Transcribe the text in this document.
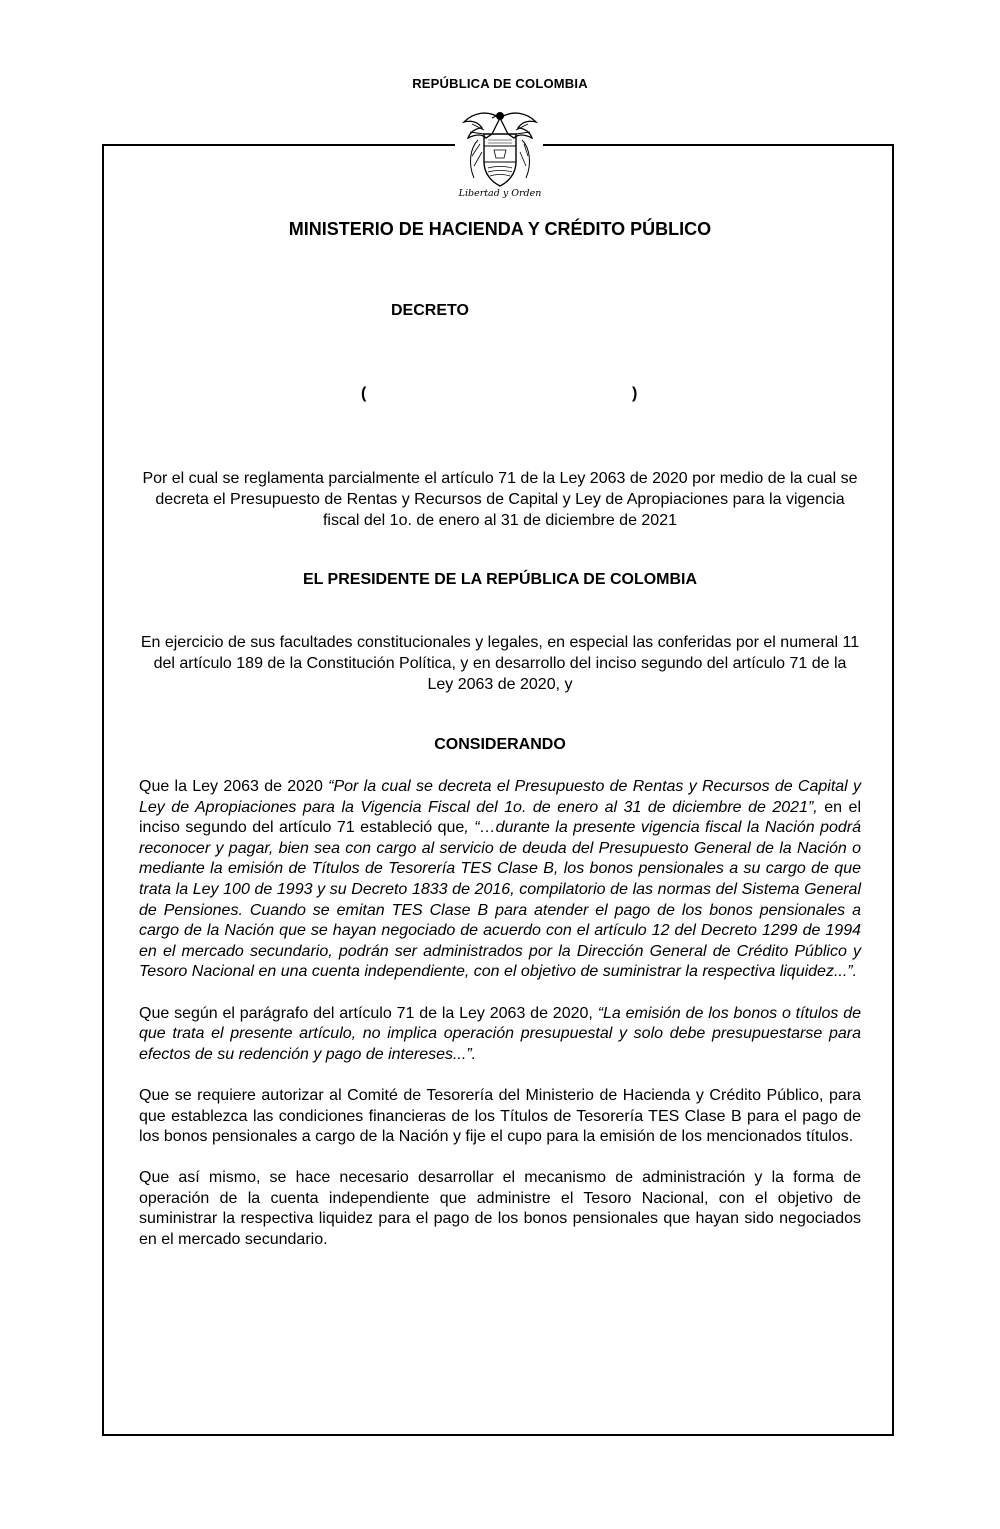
REPÚBLICA DE COLOMBIA
Libertad y Orden
MINISTERIO DE HACIENDA Y CRÉDITO PÚBLICO
DECRETO
(	)
Por el cual se reglamenta parcialmente el artículo 71 de la Ley 2063 de 2020 por medio de la cual se decreta el Presupuesto de Rentas y Recursos de Capital y Ley de Apropiaciones para la vigencia fiscal del 1o. de enero al 31 de diciembre de 2021
EL PRESIDENTE DE LA REPÚBLICA DE COLOMBIA
En ejercicio de sus facultades constitucionales y legales, en especial las conferidas por el numeral 11 del artículo 189 de la Constitución Política, y en desarrollo del inciso segundo del artículo 71 de la Ley 2063 de 2020, y
CONSIDERANDO

Que la Ley 2063 de 2020 “Por la cual se decreta el Presupuesto de Rentas y Recursos de Capital y Ley de Apropiaciones para la Vigencia Fiscal del 1o. de enero al 31 de diciembre de 2021”, en el inciso segundo del artículo 71 estableció que, “…durante la presente vigencia fiscal la Nación podrá reconocer y pagar, bien sea con cargo al servicio de deuda del Presupuesto General de la Nación o mediante la emisión de Títulos de Tesorería TES Clase B, los bonos pensionales a su cargo de que trata la Ley 100 de 1993 y su Decreto 1833 de 2016, compilatorio de las normas del Sistema General de Pensiones. Cuando se emitan TES Clase B para atender el pago de los bonos pensionales a cargo de la Nación que se hayan negociado de acuerdo con el artículo 12 del Decreto 1299 de 1994 en el mercado secundario, podrán ser administrados por la Dirección General de Crédito Público y Tesoro Nacional en una cuenta independiente, con el objetivo de suministrar la respectiva liquidez...”.

Que según el parágrafo del artículo 71 de la Ley 2063 de 2020, “La emisión de los bonos o títulos de que trata el presente artículo, no implica operación presupuestal y solo debe presupuestarse para efectos de su redención y pago de intereses...”.

Que se requiere autorizar al Comité de Tesorería del Ministerio de Hacienda y Crédito Público, para que establezca las condiciones financieras de los Títulos de Tesorería TES Clase B para el pago de los bonos pensionales a cargo de la Nación y fije el cupo para la emisión de los mencionados títulos.

Que así mismo, se hace necesario desarrollar el mecanismo de administración y la forma de operación de la cuenta independiente que administre el Tesoro Nacional, con el objetivo de suministrar la respectiva liquidez para el pago de los bonos pensionales que hayan sido negociados en el mercado secundario.
